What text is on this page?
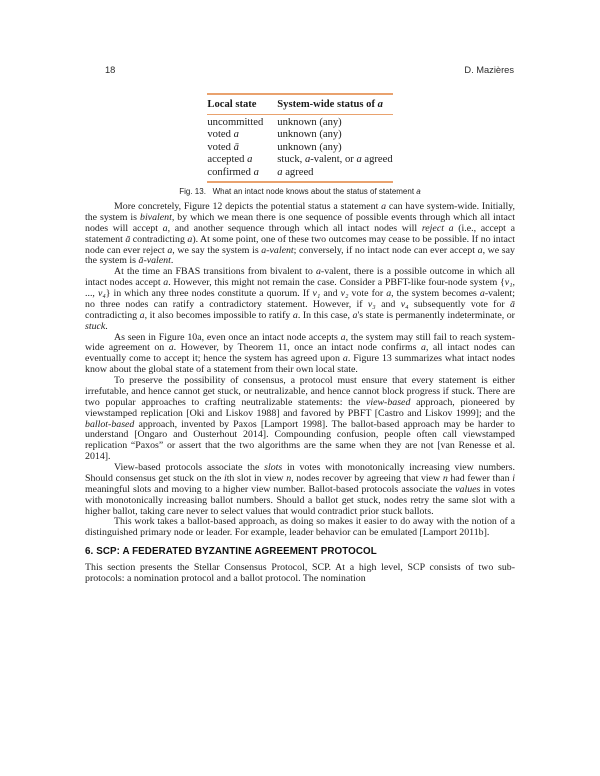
18	D. Mazières
Local state	System-wide status of a
uncommitted	unknown (any)
voted a	unknown (any)
voted ā	unknown (any)
accepted a	stuck, a-valent, or a agreed
confirmed a	a agreed
Fig. 13.   What an intact node knows about the status of statement a

More concretely, Figure 12 depicts the potential status a statement a can have system-wide. Initially, the system is bivalent, by which we mean there is one sequence of possible events through which all intact nodes will accept a, and another sequence through which all intact nodes will reject a (i.e., accept a statement ā contradicting a). At some point, one of these two outcomes may cease to be possible. If no intact node can ever reject a, we say the system is a-valent; conversely, if no intact node can ever accept a, we say the system is ā-valent.

At the time an FBAS transitions from bivalent to a-valent, there is a possible outcome in which all intact nodes accept a. However, this might not remain the case. Consider a PBFT-like four-node system {v₁, ..., v₄} in which any three nodes constitute a quorum. If v₁ and v₂ vote for a, the system becomes a-valent; no three nodes can ratify a contradictory statement. However, if v₃ and v₄ subsequently vote for ā contradicting a, it also becomes impossible to ratify a. In this case, a's state is permanently indeterminate, or stuck.

As seen in Figure 10a, even once an intact node accepts a, the system may still fail to reach system-wide agreement on a. However, by Theorem 11, once an intact node confirms a, all intact nodes can eventually come to accept it; hence the system has agreed upon a. Figure 13 summarizes what intact nodes know about the global state of a statement from their own local state.

To preserve the possibility of consensus, a protocol must ensure that every statement is either irrefutable, and hence cannot get stuck, or neutralizable, and hence cannot block progress if stuck. There are two popular approaches to crafting neutralizable statements: the view-based approach, pioneered by viewstamped replication [Oki and Liskov 1988] and favored by PBFT [Castro and Liskov 1999]; and the ballot-based approach, invented by Paxos [Lamport 1998]. The ballot-based approach may be harder to understand [Ongaro and Ousterhout 2014]. Compounding confusion, people often call viewstamped replication “Paxos” or assert that the two algorithms are the same when they are not [van Renesse et al. 2014].

View-based protocols associate the slots in votes with monotonically increasing view numbers. Should consensus get stuck on the ith slot in view n, nodes recover by agreeing that view n had fewer than i meaningful slots and moving to a higher view number. Ballot-based protocols associate the values in votes with monotonically increasing ballot numbers. Should a ballot get stuck, nodes retry the same slot with a higher ballot, taking care never to select values that would contradict prior stuck ballots.

This work takes a ballot-based approach, as doing so makes it easier to do away with the notion of a distinguished primary node or leader. For example, leader behavior can be emulated [Lamport 2011b].

6. SCP: A FEDERATED BYZANTINE AGREEMENT PROTOCOL

This section presents the Stellar Consensus Protocol, SCP. At a high level, SCP consists of two sub-protocols: a nomination protocol and a ballot protocol. The nomination
